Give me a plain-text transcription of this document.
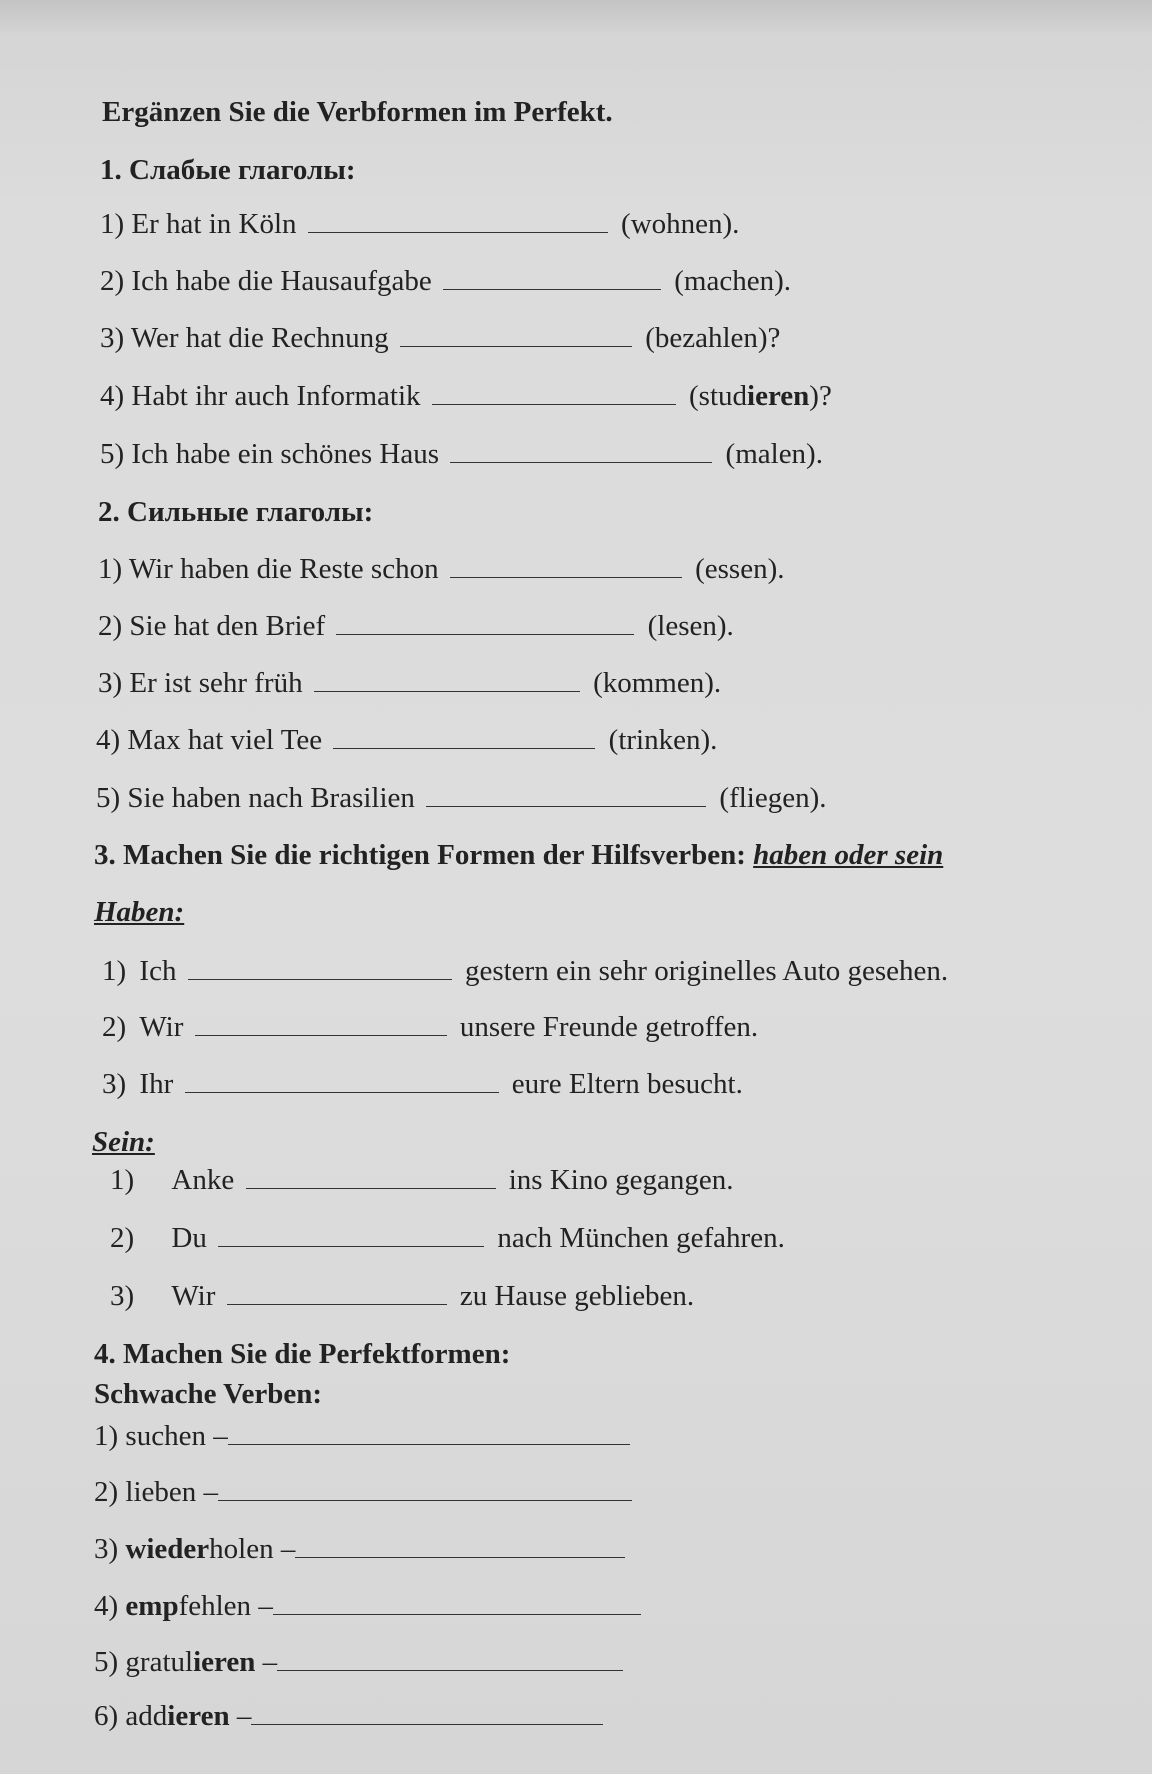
Ergänzen Sie die Verbformen im Perfekt.
1. Слабые глаголы:
1) Er hat in Köln	(wohnen).
2) Ich habe die Hausaufgabe	(machen).
3) Wer hat die Rechnung	(bezahlen)?
4) Habt ihr auch Informatik	(studieren)?
5) Ich habe ein schönes Haus	(malen).
2. Сильные глаголы:
1) Wir haben die Reste schon	(essen).
2) Sie hat den Brief	(lesen).
3) Er ist sehr früh	(kommen).
4) Max hat viel Tee	(trinken).
5) Sie haben nach Brasilien	(fliegen).
3. Machen Sie die richtigen Formen der Hilfsverben: haben oder sein
Haben:
1) Ich	gestern ein sehr originelles Auto gesehen.
2) Wir	unsere Freunde getroffen.
3) Ihr	eure Eltern besucht.
Sein:
1) Anke	ins Kino gegangen.
2) Du	nach München gefahren.
3) Wir	zu Hause geblieben.
4. Machen Sie die Perfektformen:
Schwache Verben:
1) suchen –
2) lieben –
3) wiederholen –
4) empfehlen –
5) gratulieren –
6) addieren –
